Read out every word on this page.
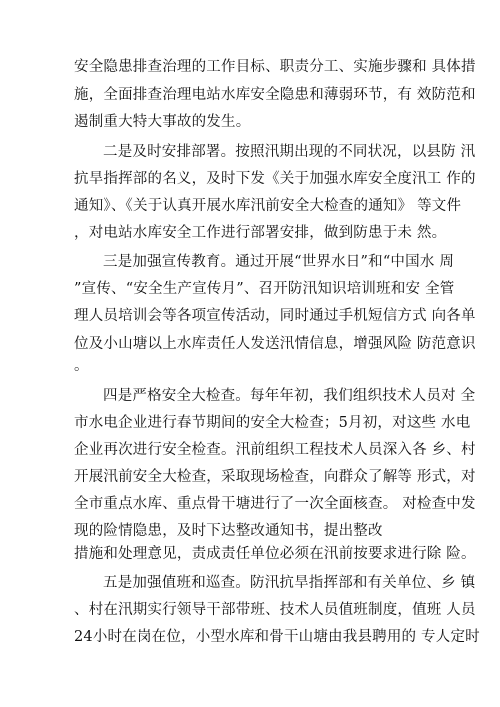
安全隐患排查治理的工作目标、职责分工、实施步骤和 具体措
施，全面排查治理电站水库安全隐患和薄弱环节，有 效防范和
遏制重大特大事故的发生。
二是及时安排部署。按照汛期出现的不同状况，以县防 汛
抗旱指挥部的名义，及时下发《关于加强水库安全度汛工 作的
通知》、《关于认真开展水库汛前安全大检查的通知》 等文件
，对电站水库安全工作进行部署安排，做到防患于未 然。
三是加强宣传教育。通过开展“世界水日”和“中国水 周
”宣传、“安全生产宣传月”、召开防汛知识培训班和安 全管
理人员培训会等各项宣传活动，同时通过手机短信方式 向各单
位及小山塘以上水库责任人发送汛情信息，增强风险 防范意识
。
四是严格安全大检查。每年年初，我们组织技术人员对 全
市水电企业进行春节期间的安全大检查；5月初，对这些 水电
企业再次进行安全检查。汛前组织工程技术人员深入各 乡、村
开展汛前安全大检查，采取现场检查，向群众了解等 形式，对
全市重点水库、重点骨干塘进行了一次全面核查。 对检查中发
现的险情隐患，及时下达整改通知书，提出整改
措施和处理意见，责成责任单位必须在汛前按要求进行除 险。
五是加强值班和巡查。防汛抗旱指挥部和有关单位、乡 镇
、村在汛期实行领导干部带班、技术人员值班制度，值班 人员
24小时在岗在位，小型水库和骨干山塘由我县聘用的 专人定时
